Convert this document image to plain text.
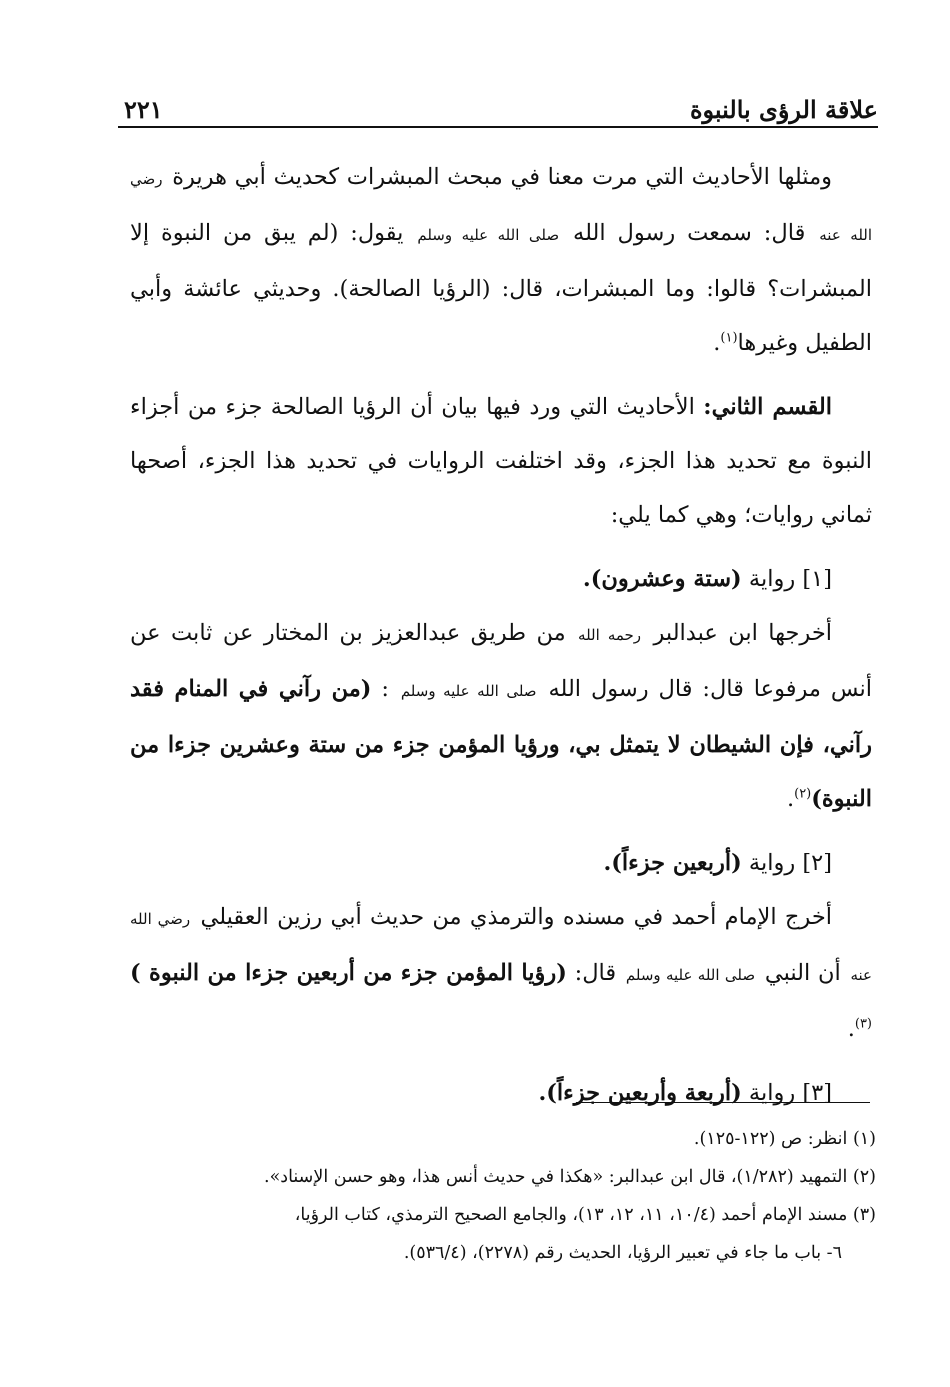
علاقة الرؤى بالنبوة
٢٢١

ومثلها الأحاديث التي مرت معنا في مبحث المبشرات كحديث أبي هريرة رضي الله عنه قال: سمعت رسول الله صلى الله عليه وسلم يقول: (لم يبق من النبوة إلا المبشرات؟ قالوا: وما المبشرات، قال: (الرؤيا الصالحة). وحديثي عائشة وأبي الطفيل وغيرها$^{(١)}$.

القسم الثاني: الأحاديث التي ورد فيها بيان أن الرؤيا الصالحة جزء من أجزاء النبوة مع تحديد هذا الجزء، وقد اختلفت الروايات في تحديد هذا الجزء، أصحها ثماني روايات؛ وهي كما يلي:

[١] رواية (ستة وعشرون).

أخرجها ابن عبدالبر رحمه الله من طريق عبدالعزيز بن المختار عن ثابت عن أنس مرفوعا قال: قال رسول الله صلى الله عليه وسلم : (من رآني في المنام فقد رآني، فإن الشيطان لا يتمثل بي، ورؤيا المؤمن جزء من ستة وعشرين جزءا من النبوة)$^{(٢)}$.

[٢] رواية (أربعين جزءاً).

أخرج الإمام أحمد في مسنده والترمذي من حديث أبي رزين العقيلي رضي الله عنه أن النبي صلى الله عليه وسلم قال: (رؤيا المؤمن جزء من أربعين جزءا من النبوة )$^{(٣)}$.

[٣] رواية (أربعة وأربعين جزءاً).

(١) انظر: ص (١٢٢-١٢٥).

(٢) التمهيد (١/٢٨٢)، قال ابن عبدالبر: «هكذا في حديث أنس هذا، وهو حسن الإسناد».

(٣) مسند الإمام أحمد (١٠/٤، ١١، ١٢، ١٣)، والجامع الصحيح الترمذي، كتاب الرؤيا،

٦- باب ما جاء في تعبير الرؤيا، الحديث رقم (٢٢٧٨)، (٥٣٦/٤).
